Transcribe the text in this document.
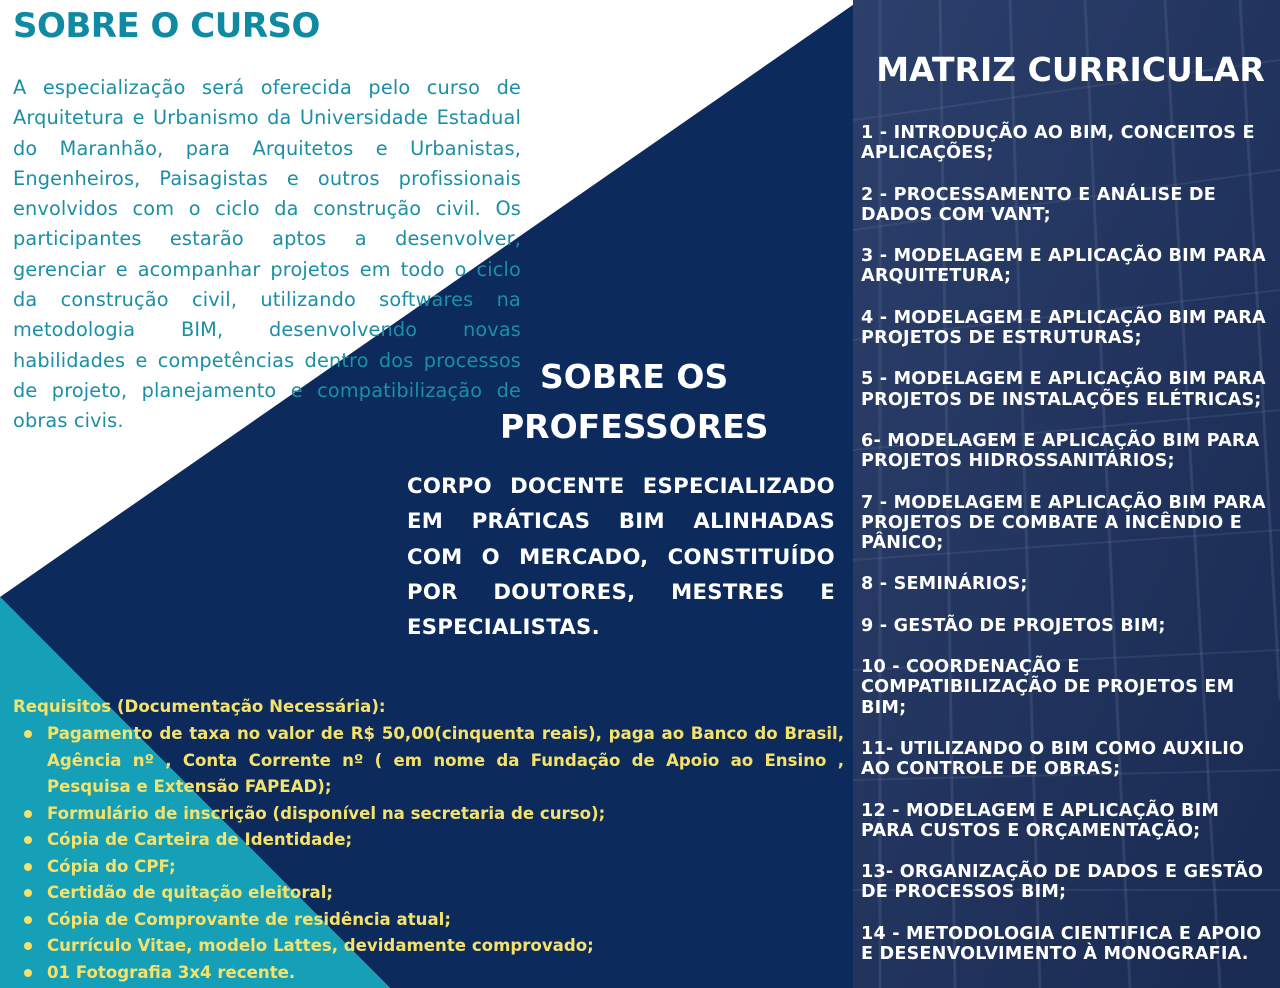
SOBRE O CURSO

A especialização será oferecida pelo curso de Arquitetura e Urbanismo da Universidade Estadual do Maranhão, para Arquitetos e Urbanistas, Engenheiros, Paisagistas e outros profissionais envolvidos com o ciclo da construção civil. Os participantes estarão aptos a desenvolver, gerenciar e acompanhar projetos em todo o ciclo da construção civil, utilizando softwares na metodologia BIM, desenvolvendo novas habilidades e competências dentro dos processos de projeto, planejamento e compatibilização de obras civis.

SOBRE OS
PROFESSORES

CORPO DOCENTE ESPECIALIZADO EM PRÁTICAS BIM ALINHADAS COM O MERCADO, CONSTITUÍDO POR DOUTORES, MESTRES E ESPECIALISTAS.

Requisitos (Documentação Necessária):
Pagamento de taxa no valor de R$ 50,00(cinquenta reais), paga ao Banco do Brasil, Agência nº , Conta Corrente nº ( em nome da Fundação de Apoio ao Ensino , Pesquisa e Extensão FAPEAD);
Formulário de inscrição (disponível na secretaria de curso);
Cópia de Carteira de Identidade;
Cópia do CPF;
Certidão de quitação eleitoral;
Cópia de Comprovante de residência atual;
Currículo Vitae, modelo Lattes, devidamente comprovado;
01 Fotografia 3x4 recente.
MATRIZ CURRICULAR
1 - INTRODUÇÃO AO BIM, CONCEITOS E APLICAÇÕES;
2 - PROCESSAMENTO E ANÁLISE DE DADOS COM VANT;
3 - MODELAGEM E APLICAÇÃO BIM PARA ARQUITETURA;
4 - MODELAGEM E APLICAÇÃO BIM PARA PROJETOS DE ESTRUTURAS;
5 - MODELAGEM E APLICAÇÃO BIM PARA PROJETOS DE INSTALAÇÕES ELÉTRICAS;
6- MODELAGEM E APLICAÇÃO BIM PARA PROJETOS HIDROSSANITÁRIOS;
7 - MODELAGEM E APLICAÇÃO BIM PARA PROJETOS DE COMBATE A INCÊNDIO E PÂNICO;
8 - SEMINÁRIOS;
9 - GESTÃO DE PROJETOS BIM;
10 - COORDENAÇÃO E COMPATIBILIZAÇÃO DE PROJETOS EM BIM;
11- UTILIZANDO O BIM COMO AUXILIO AO CONTROLE DE OBRAS;
12 - MODELAGEM E APLICAÇÃO BIM PARA CUSTOS E ORÇAMENTAÇÃO;
13- ORGANIZAÇÃO DE DADOS E GESTÃO DE PROCESSOS BIM;
14 - METODOLOGIA CIENTIFICA E APOIO E DESENVOLVIMENTO À MONOGRAFIA.
